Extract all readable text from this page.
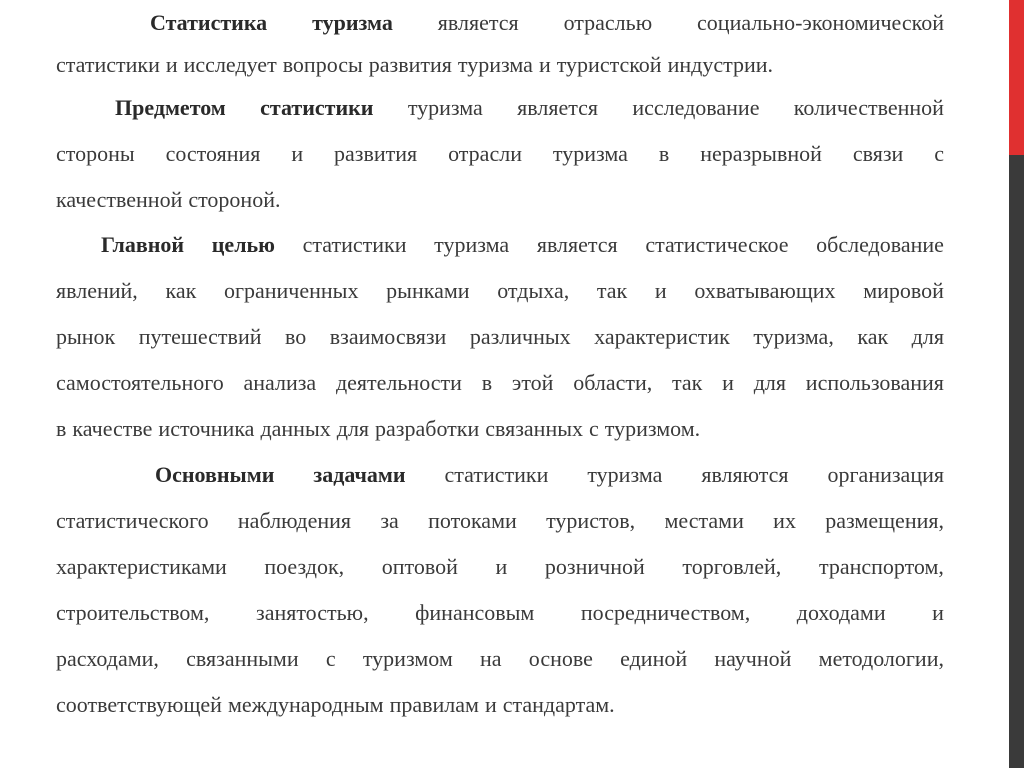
Статистика туризма является отраслью социально-экономической
статистики и исследует вопросы развития туризма и туристской индустрии.
Предметом статистики туризма является исследование количественной
стороны состояния и развития отрасли туризма в неразрывной связи с
качественной стороной.
Главной целью статистики туризма является статистическое обследование
явлений, как ограниченных рынками отдыха, так и охватывающих мировой
рынок путешествий во взаимосвязи различных характеристик туризма, как для
самостоятельного анализа деятельности в этой области, так и для использования
в качестве источника данных для разработки связанных с туризмом.
Основными задачами статистики туризма являются организация
статистического наблюдения за потоками туристов, местами их размещения,
характеристиками поездок, оптовой и розничной торговлей, транспортом,
строительством, занятостью, финансовым посредничеством, доходами и
расходами, связанными с туризмом на основе единой научной методологии,
соответствующей международным правилам и стандартам.
